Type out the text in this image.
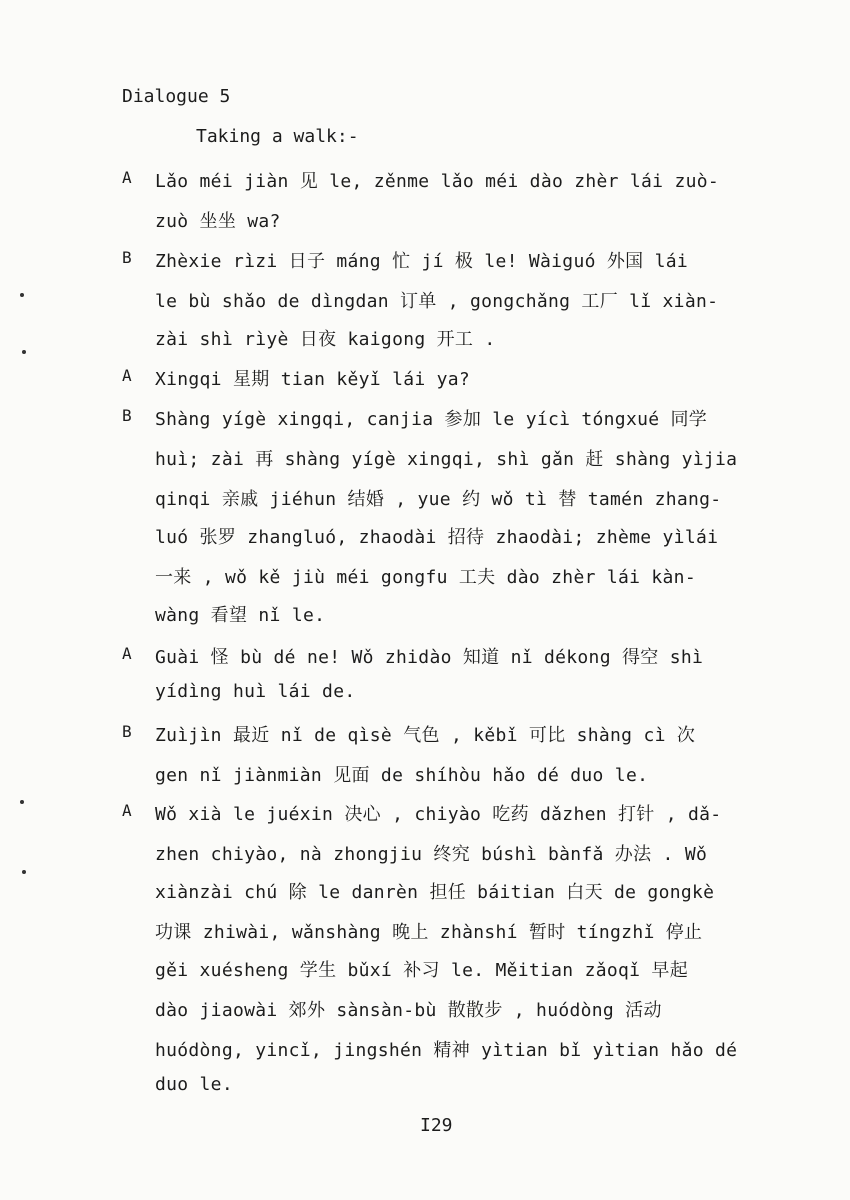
Dialogue 5
Taking a walk:-
A Lǎo méi jiàn 见 le, zěnme lǎo méi dào zhèr lái zuò-
zuò 坐坐 wa?
B Zhèxie rìzi 日子 máng 忙 jí 极 le! Wàiguó 外国 lái
le bù shǎo de dìngdan 订单 , gongchǎng 工厂 lǐ xiàn-
zài shì rìyè 日夜 kaigong 开工 .
A Xingqi 星期 tian kěyǐ lái ya?
B Shàng yígè xingqi, canjia 参加 le yícì tóngxué 同学
huì; zài 再 shàng yígè xingqi, shì gǎn 赶 shàng yìjia
qinqi 亲戚 jiéhun 结婚 , yue 约 wǒ tì 替 tamén zhang-
luó 张罗 zhangluó, zhaodài 招待 zhaodài; zhème yìlái
一来 , wǒ kě jiù méi gongfu 工夫 dào zhèr lái kàn-
wàng 看望 nǐ le.
A Guài 怪 bù dé ne! Wǒ zhidào 知道 nǐ dékong 得空 shì
yídìng huì lái de.
B Zuìjìn 最近 nǐ de qìsè 气色 , kěbǐ 可比 shàng cì 次
gen nǐ jiànmiàn 见面 de shíhòu hǎo dé duo le.
A Wǒ xià le juéxin 决心 , chiyào 吃药 dǎzhen 打针 , dǎ-
zhen chiyào, nà zhongjiu 终究 búshì bànfǎ 办法 . Wǒ
xiànzài chú 除 le danrèn 担任 báitian 白天 de gongkè
功课 zhiwài, wǎnshàng 晚上 zhànshí 暂时 tíngzhǐ 停止
gěi xuésheng 学生 bǔxí 补习 le. Měitian zǎoqǐ 早起
dào jiaowài 郊外 sànsàn-bù 散散步 , huódòng 活动
huódòng, yincǐ, jingshén 精神 yìtian bǐ yìtian hǎo dé
duo le.
I29
